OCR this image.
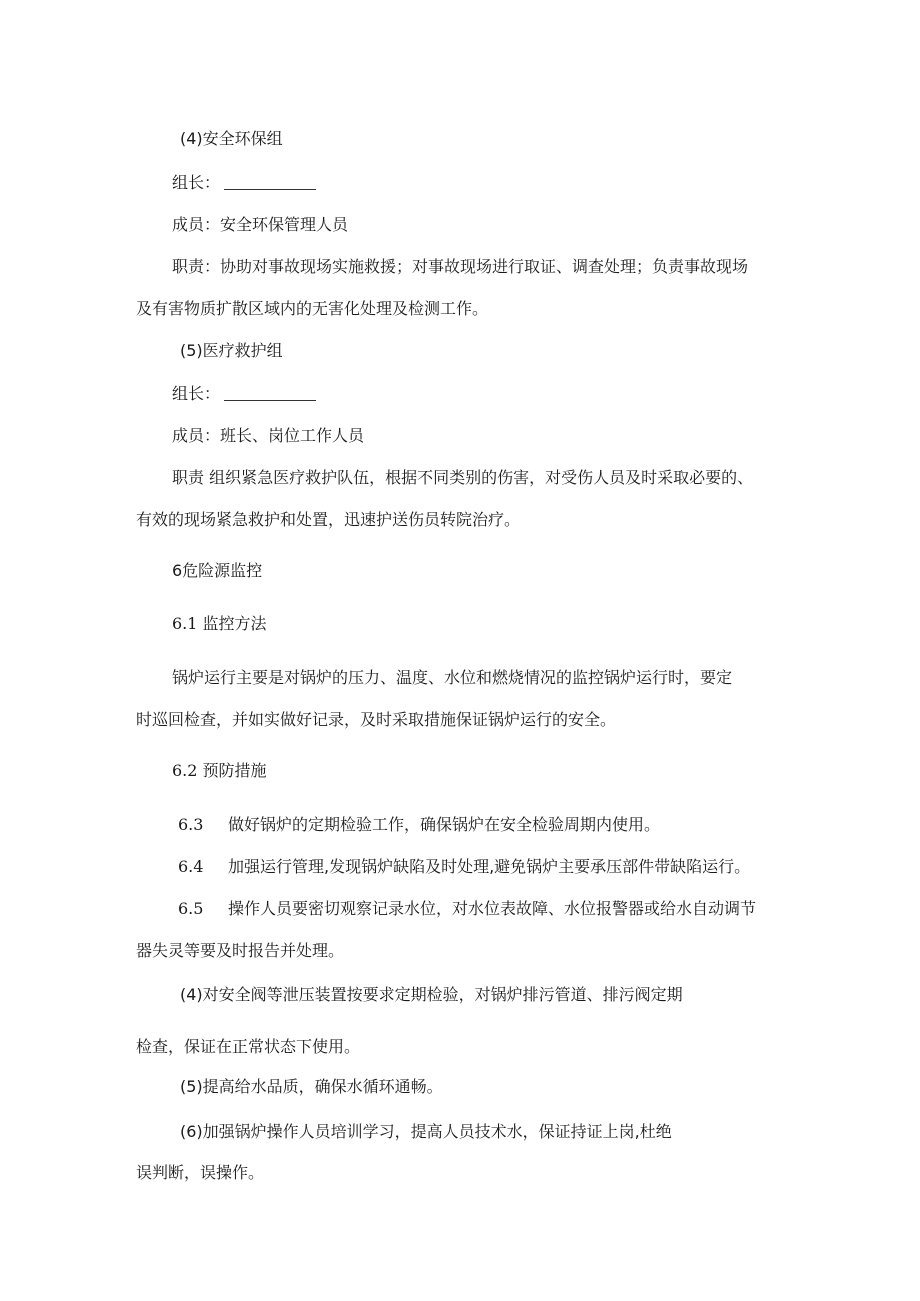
(4)安全环保组
组长：
成员：安全环保管理人员
职责：协助对事故现场实施救援；对事故现场进行取证、调查处理；负责事故现场
及有害物质扩散区域内的无害化处理及检测工作。
(5)医疗救护组
组长：
成员：班长、岗位工作人员
职责 组织紧急医疗救护队伍，根据不同类别的伤害，对受伤人员及时采取必要的、
有效的现场紧急救护和处置，迅速护送伤员转院治疗。
6危险源监控
6.1 监控方法
锅炉运行主要是对锅炉的压力、温度、水位和燃烧情况的监控锅炉运行时，要定
时巡回检查，并如实做好记录，及时采取措施保证锅炉运行的安全。
6.2 预防措施
6.3 做好锅炉的定期检验工作，确保锅炉在安全检验周期内使用。
6.4 加强运行管理,发现锅炉缺陷及时处理,避免锅炉主要承压部件带缺陷运行。
6.5 操作人员要密切观察记录水位，对水位表故障、水位报警器或给水自动调节
器失灵等要及时报告并处理。
(4)对安全阀等泄压装置按要求定期检验，对锅炉排污管道、排污阀定期
检查，保证在正常状态下使用。
(5)提高给水品质，确保水循环通畅。
(6)加强锅炉操作人员培训学习，提高人员技术水，保证持证上岗,杜绝
误判断，误操作。
